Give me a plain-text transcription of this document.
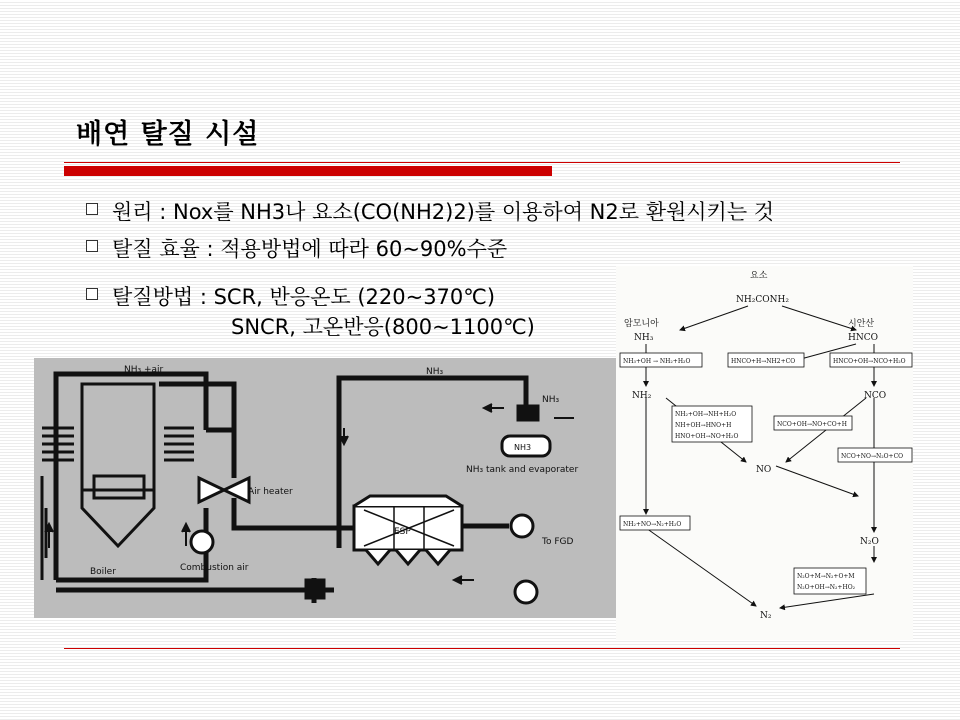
배연 탈질 시설
원리 : Nox를 NH3나 요소(CO(NH2)2)를 이용하여 N2로 환원시키는 것
탈질 효율 : 적용방법에 따라 60~90%수준
탈질방법 : SCR, 반응온도 (220~370℃)
SNCR, 고온반응(800~1100℃)
NH₃ +air	NH₃
NH₃
NH3
NH₃ tank and evaporater
Air heater
ESP
To FGD
Boiler	Combustion air
요소
NH₂CONH₂
암모니아
NH₃
시안산
HNCO
NH₂	NCO
NO
N₂O
N₂
NH₃+OH → NH₂+H₂O	HNCO+H→NH2+CO	HNCO+OH→NCO+H₂O
NH₂+OH→NH+H₂O
NH+OH→HNO+H
HNO+OH→NO+H₂O
NCO+OH→NO+CO+H
NCO+NO→N₂O+CO
NH₂+NO→N₂+H₂O
N₂O+M→N₂+O+M
N₂O+OH→N₂+HO₂
